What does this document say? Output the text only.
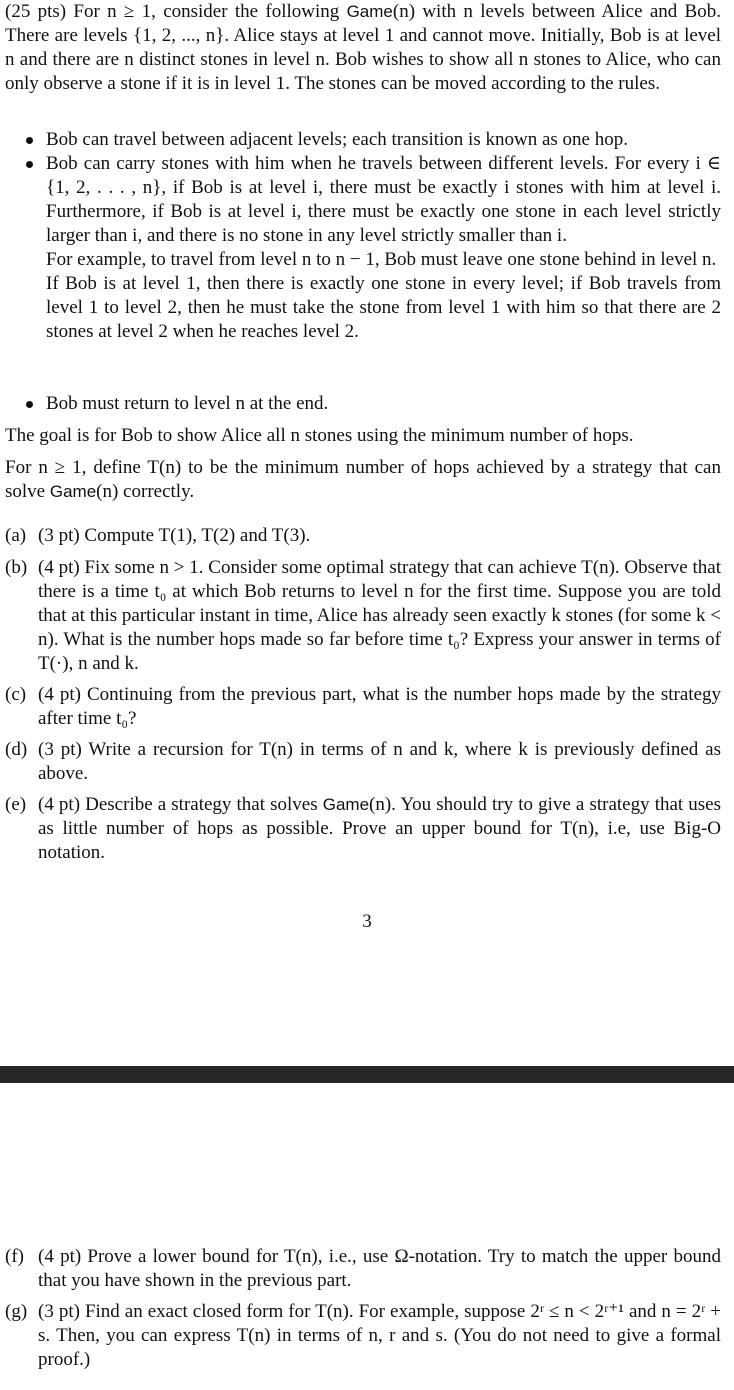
(25 pts) For n ≥ 1, consider the following Game(n) with n levels between Alice and Bob. There are levels {1, 2, ..., n}. Alice stays at level 1 and cannot move. Initially, Bob is at level n and there are n distinct stones in level n. Bob wishes to show all n stones to Alice, who can only observe a stone if it is in level 1. The stones can be moved according to the rules.

Bob can travel between adjacent levels; each transition is known as one hop.

Bob can carry stones with him when he travels between different levels. For every i ∈ {1, 2, . . . , n}, if Bob is at level i, there must be exactly i stones with him at level i. Furthermore, if Bob is at level i, there must be exactly one stone in each level strictly larger than i, and there is no stone in any level strictly smaller than i.

For example, to travel from level n to n − 1, Bob must leave one stone behind in level n.

If Bob is at level 1, then there is exactly one stone in every level; if Bob travels from level 1 to level 2, then he must take the stone from level 1 with him so that there are 2 stones at level 2 when he reaches level 2.

Bob must return to level n at the end.

The goal is for Bob to show Alice all n stones using the minimum number of hops.

For n ≥ 1, define T(n) to be the minimum number of hops achieved by a strategy that can solve Game(n) correctly.

(a) (3 pt) Compute T(1), T(2) and T(3).

(b) (4 pt) Fix some n > 1. Consider some optimal strategy that can achieve T(n). Observe that there is a time t₀ at which Bob returns to level n for the first time. Suppose you are told that at this particular instant in time, Alice has already seen exactly k stones (for some k < n). What is the number hops made so far before time t₀? Express your answer in terms of T(·), n and k.

(c) (4 pt) Continuing from the previous part, what is the number hops made by the strategy after time t₀?

(d) (3 pt) Write a recursion for T(n) in terms of n and k, where k is previously defined as above.

(e) (4 pt) Describe a strategy that solves Game(n). You should try to give a strategy that uses as little number of hops as possible. Prove an upper bound for T(n), i.e, use Big-O notation.

3
(f) (4 pt) Prove a lower bound for T(n), i.e., use Ω-notation. Try to match the upper bound that you have shown in the previous part.

(g) (3 pt) Find an exact closed form for T(n). For example, suppose 2ʳ ≤ n < 2ʳ⁺¹ and n = 2ʳ + s. Then, you can express T(n) in terms of n, r and s. (You do not need to give a formal proof.)
